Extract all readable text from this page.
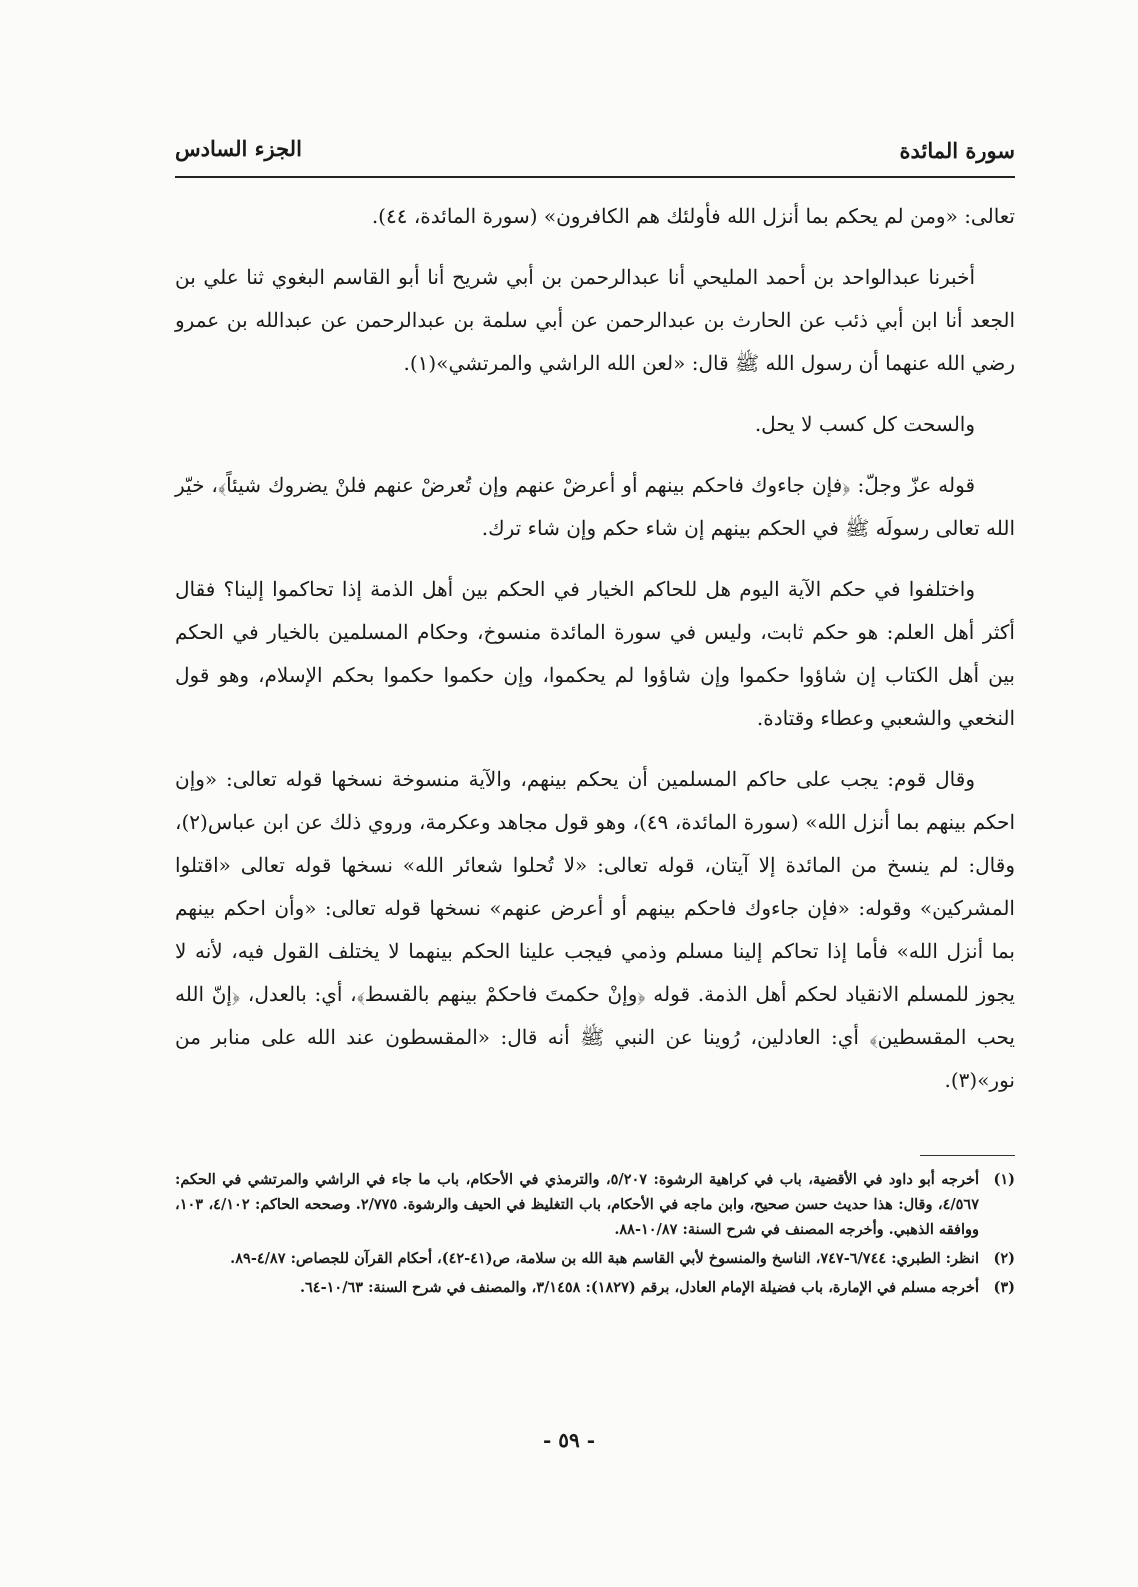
سورة المائدة
الجزء السادس

تعالى: «ومن لم يحكم بما أنزل الله فأولئك هم الكافرون» (سورة المائدة، ٤٤).

أخبرنا عبدالواحد بن أحمد المليحي أنا عبدالرحمن بن أبي شريح أنا أبو القاسم البغوي ثنا علي بن الجعد أنا ابن أبي ذئب عن الحارث بن عبدالرحمن عن أبي سلمة بن عبدالرحمن عن عبدالله بن عمرو رضي الله عنهما أن رسول الله ﷺ قال: «لعن الله الراشي والمرتشي»(١).

والسحت كل كسب لا يحل.

قوله عزّ وجلّ: ﴿فإن جاءوك فاحكم بينهم أو أعرضْ عنهم وإن تُعرضْ عنهم فلنْ يضروك شيئاً﴾، خيّر الله تعالى رسولَه ﷺ في الحكم بينهم إن شاء حكم وإن شاء ترك.

واختلفوا في حكم الآية اليوم هل للحاكم الخيار في الحكم بين أهل الذمة إذا تحاكموا إلينا؟ فقال أكثر أهل العلم: هو حكم ثابت، وليس في سورة المائدة منسوخ، وحكام المسلمين بالخيار في الحكم بين أهل الكتاب إن شاؤوا حكموا وإن شاؤوا لم يحكموا، وإن حكموا حكموا بحكم الإسلام، وهو قول النخعي والشعبي وعطاء وقتادة.

وقال قوم: يجب على حاكم المسلمين أن يحكم بينهم، والآية منسوخة نسخها قوله تعالى: «وإن احكم بينهم بما أنزل الله» (سورة المائدة، ٤٩)، وهو قول مجاهد وعكرمة، وروي ذلك عن ابن عباس(٢)، وقال: لم ينسخ من المائدة إلا آيتان، قوله تعالى: «لا تُحلوا شعائر الله» نسخها قوله تعالى «اقتلوا المشركين» وقوله: «فإن جاءوك فاحكم بينهم أو أعرض عنهم» نسخها قوله تعالى: «وأن احكم بينهم بما أنزل الله» فأما إذا تحاكم إلينا مسلم وذمي فيجب علينا الحكم بينهما لا يختلف القول فيه، لأنه لا يجوز للمسلم الانقياد لحكم أهل الذمة. قوله ﴿وإنْ حكمتَ فاحكمْ بينهم بالقسط﴾، أي: بالعدل، ﴿إنّ الله يحب المقسطين﴾ أي: العادلين، رُوينا عن النبي ﷺ أنه قال: «المقسطون عند الله على منابر من نور»(٣).

(١)
أخرجه أبو داود في الأقضية، باب في كراهية الرشوة: ٥/٢٠٧، والترمذي في الأحكام، باب ما جاء في الراشي والمرتشي في الحكم: ٤/٥٦٧، وقال: هذا حديث حسن صحيح، وابن ماجه في الأحكام، باب التغليظ في الحيف والرشوة. ٢/٧٧٥. وصححه الحاكم: ٤/١٠٢، ١٠٣، ووافقه الذهبي. وأخرجه المصنف في شرح السنة: ١٠/٨٧-٨٨.
(٢)
انظر: الطبري: ٦/٧٤٤-٧٤٧، الناسخ والمنسوخ لأبي القاسم هبة الله بن سلامة، ص(٤١-٤٢)، أحكام القرآن للجصاص: ٤/٨٧-٨٩.
(٣)
أخرجه مسلم في الإمارة، باب فضيلة الإمام العادل، برقم (١٨٢٧): ٣/١٤٥٨، والمصنف في شرح السنة: ١٠/٦٣-٦٤.
- ٥٩ -
